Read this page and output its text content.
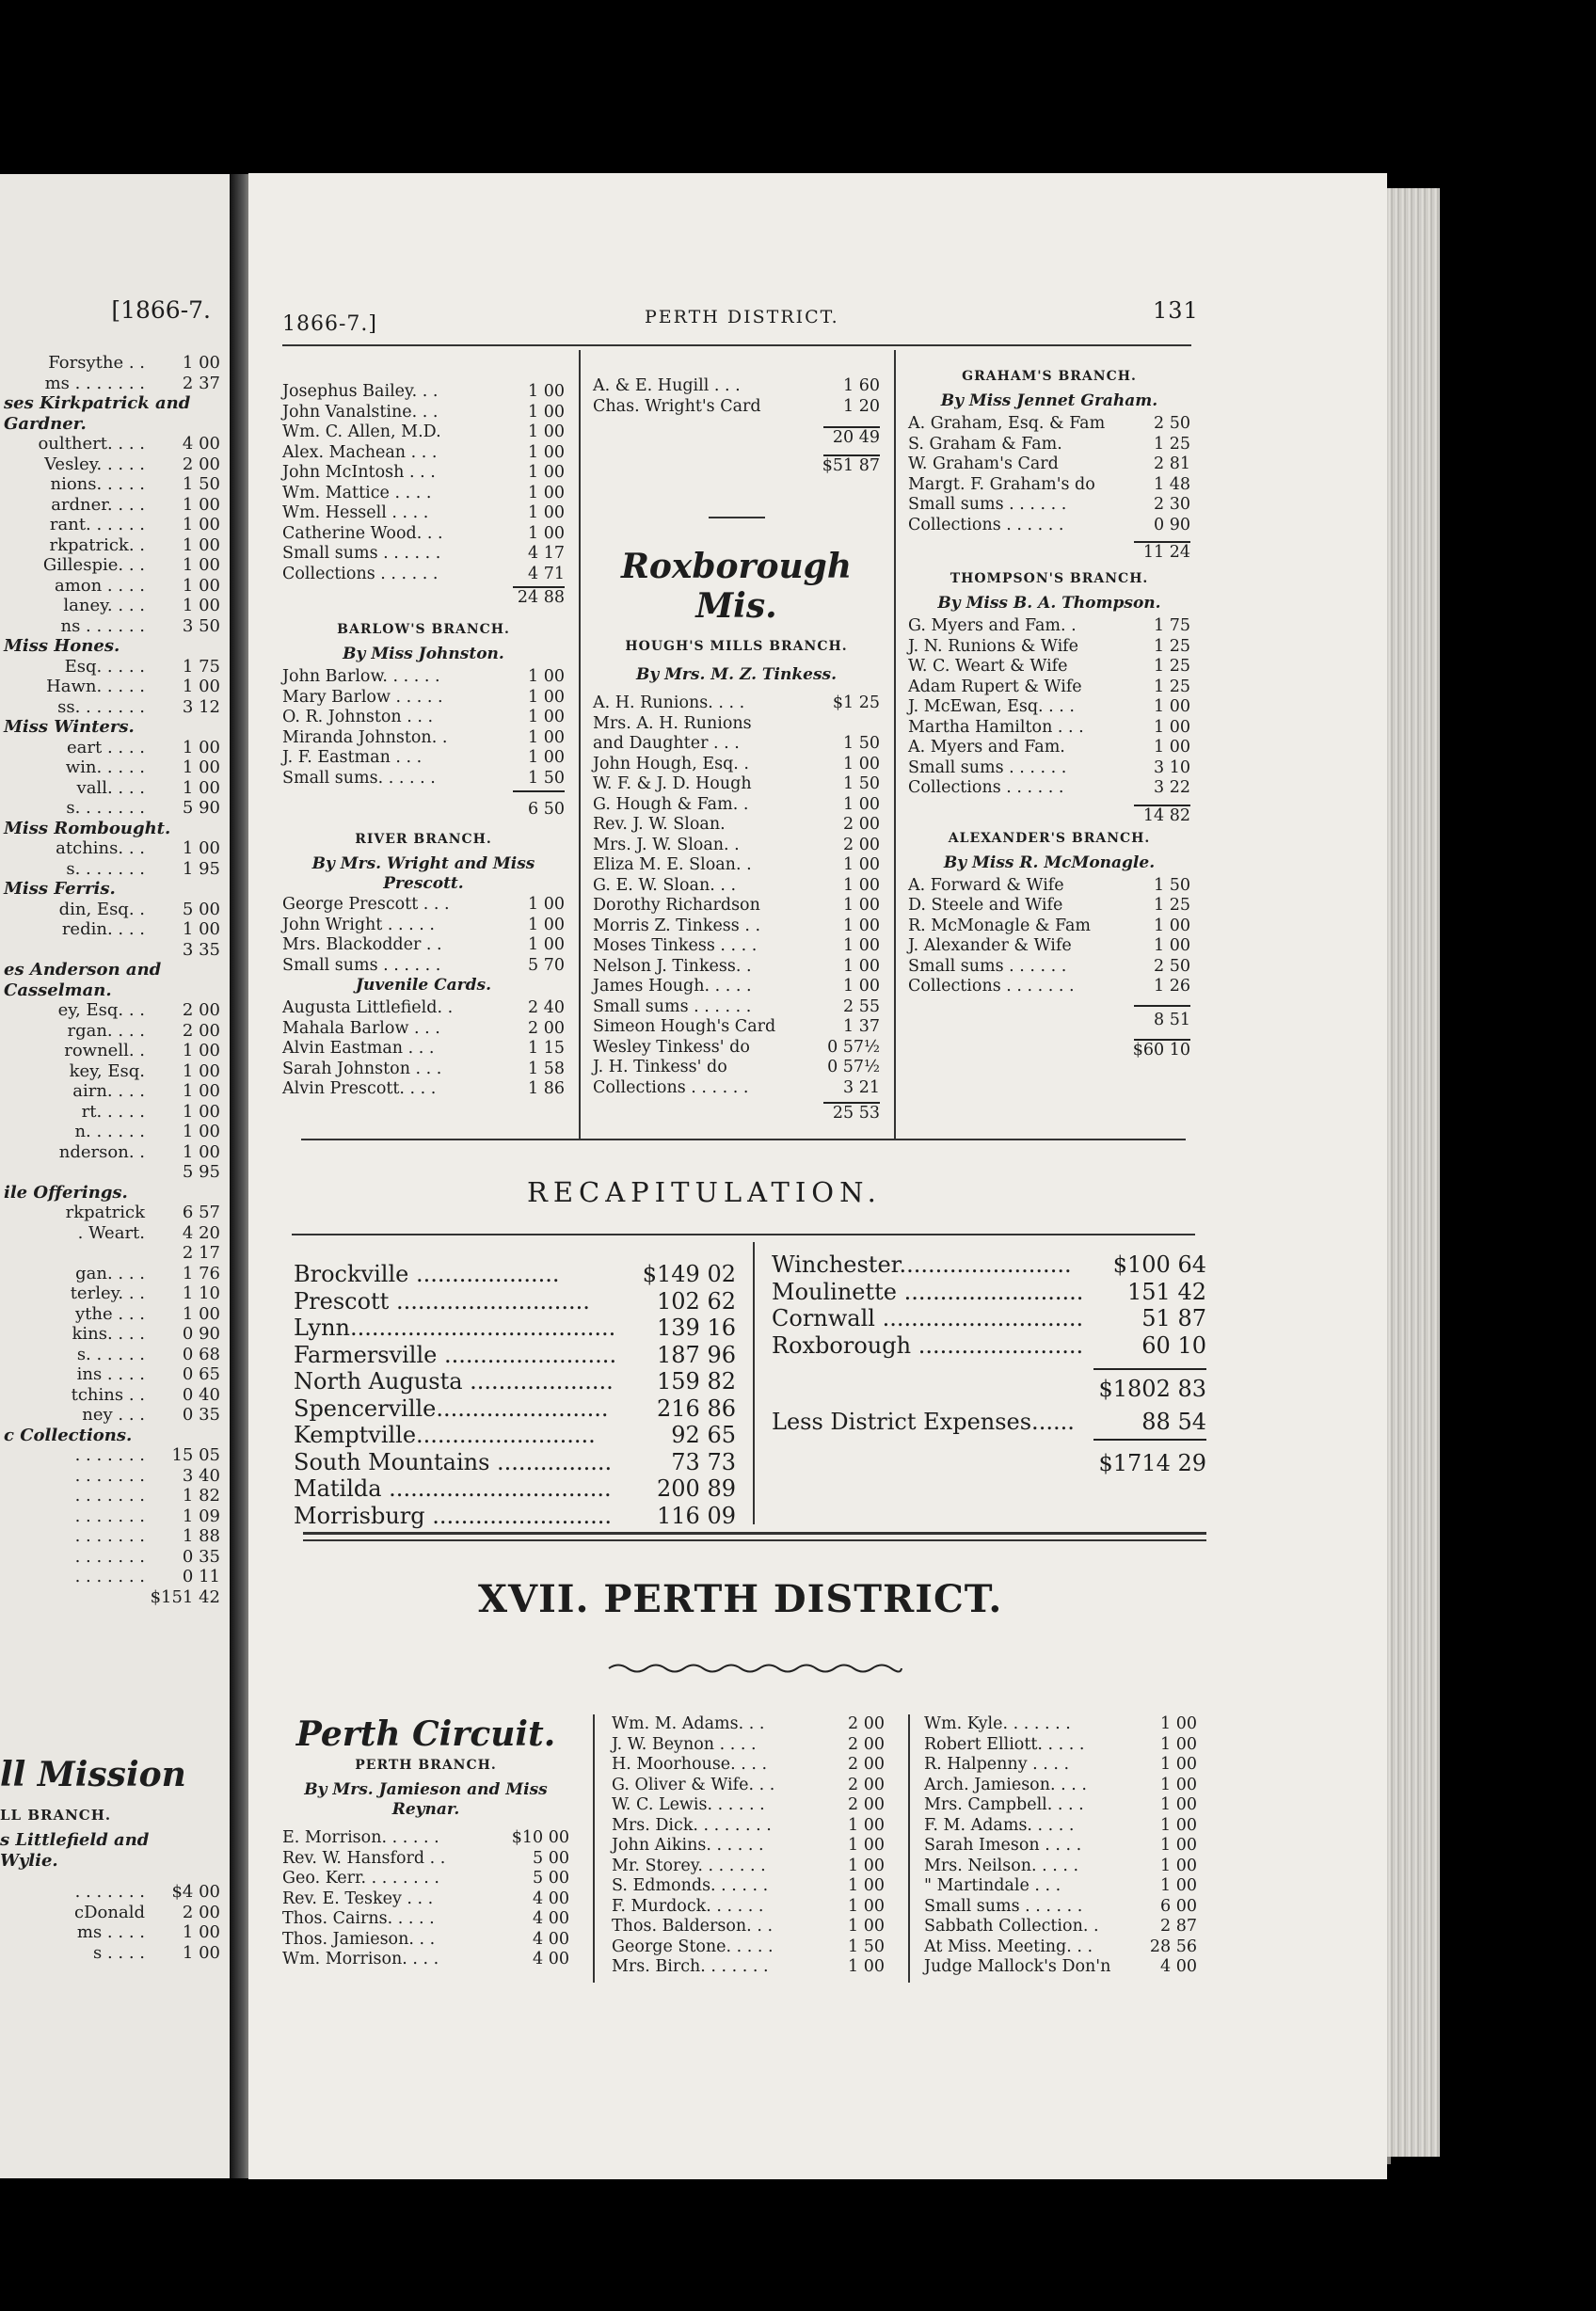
[1866-7.
Forsythe . . 1 00
ms . . . . . . . 2 37
ses Kirkpatrick and
Gardner.
oulthert. . . . 4 00
Vesley. . . . . 2 00
nions. . . . . 1 50
ardner. . . . 1 00
rant. . . . . . 1 00
rkpatrick. . 1 00
Gillespie. . . 1 00
amon . . . . 1 00
laney. . . . 1 00
ns . . . . . . 3 50
Miss Hones.
Esq. . . . . 1 75
Hawn. . . . . 1 00
ss. . . . . . . 3 12
Miss Winters.
eart . . . . 1 00
win. . . . . 1 00
vall. . . . 1 00
s. . . . . . . 5 90
Miss Rombought.
atchins. . . 1 00
s. . . . . . . 1 95
Miss Ferris.
din, Esq. . 5 00
redin. . . . 1 00
3 35
es Anderson and
Casselman.
ey, Esq. . . 2 00
rgan. . . . 2 00
rownell. . 1 00
key, Esq. 1 00
airn. . . . 1 00
rt. . . . . 1 00
n. . . . . . 1 00
nderson. . 1 00
5 95
ile Offerings.
rkpatrick 6 57
. Weart. 4 20
2 17
gan. . . . 1 76
terley. . . 1 10
ythe . . . 1 00
kins. . . . 0 90
s. . . . . . 0 68
ins . . . . 0 65
tchins . . 0 40
ney . . . 0 35
c Collections.
. . . . . . . 15 05
. . . . . . . 3 40
. . . . . . . 1 82
. . . . . . . 1 09
. . . . . . . 1 88
. . . . . . . 0 35
. . . . . . . 0 11
$151 42
ll Mission
LL BRANCH.
s Littlefield and
Wylie.
. . . . . . . $4 00
cDonald 2 00
ms . . . . 1 00
s . . . . 1 00
1866-7.]	PERTH DISTRICT.	131
Josephus Bailey. . .	1 00
John Vanalstine. . .	1 00
Wm. C. Allen, M.D.	1 00
Alex. Machean . . .	1 00
John McIntosh . . .	1 00
Wm. Mattice . . . .	1 00
Wm. Hessell . . . .	1 00
Catherine Wood. . .	1 00
Small sums . . . . . .	4 17
Collections . . . . . .	4 71
24 88
BARLOW'S BRANCH.
By Miss Johnston.
John Barlow. . . . . .	1 00
Mary Barlow . . . . .	1 00
O. R. Johnston . . .	1 00
Miranda Johnston. .	1 00
J. F. Eastman . . .	1 00
Small sums. . . . . .	1 50
6 50
RIVER BRANCH.
By Mrs. Wright and Miss
Prescott.
George Prescott . . .	1 00
John Wright . . . . .	1 00
Mrs. Blackodder . .	1 00
Small sums . . . . . .	5 70
Juvenile Cards.
Augusta Littlefield. .	2 40
Mahala Barlow . . .	2 00
Alvin Eastman . . .	1 15
Sarah Johnston . . .	1 58
Alvin Prescott. . . .	1 86
A. & E. Hugill . . .	1 60
Chas. Wright's Card	1 20
20 49
$51 87
Roxborough Mis.
HOUGH'S MILLS BRANCH.
By Mrs. M. Z. Tinkess.
A. H. Runions. . . .	$1 25
Mrs. A. H. Runions
and Daughter . . .	1 50
John Hough, Esq. .	1 00
W. F. & J. D. Hough	1 50
G. Hough & Fam. .	1 00
Rev. J. W. Sloan.	2 00
Mrs. J. W. Sloan. .	2 00
Eliza M. E. Sloan. .	1 00
G. E. W. Sloan. . .	1 00
Dorothy Richardson	1 00
Morris Z. Tinkess . .	1 00
Moses Tinkess . . . .	1 00
Nelson J. Tinkess. .	1 00
James Hough. . . . .	1 00
Small sums . . . . . .	2 55
Simeon Hough's Card	1 37
Wesley Tinkess' do	0 57½
J. H. Tinkess' do	0 57½
Collections . . . . . .	3 21
25 53
GRAHAM'S BRANCH.
By Miss Jennet Graham.
A. Graham, Esq. & Fam	2 50
S. Graham & Fam.	1 25
W. Graham's Card	2 81
Margt. F. Graham's do	1 48
Small sums . . . . . .	2 30
Collections . . . . . .	0 90
11 24
THOMPSON'S BRANCH.
By Miss B. A. Thompson.
G. Myers and Fam. .	1 75
J. N. Runions & Wife	1 25
W. C. Weart & Wife	1 25
Adam Rupert & Wife	1 25
J. McEwan, Esq. . . .	1 00
Martha Hamilton . . .	1 00
A. Myers and Fam.	1 00
Small sums . . . . . .	3 10
Collections . . . . . .	3 22
14 82
ALEXANDER'S BRANCH.
By Miss R. McMonagle.
A. Forward & Wife	1 50
D. Steele and Wife	1 25
R. McMonagle & Fam	1 00
J. Alexander & Wife	1 00
Small sums . . . . . .	2 50
Collections . . . . . . .	1 26
8 51
$60 10
RECAPITULATION.
Brockville ....................	$149 02
Prescott ...........................	102 62
Lynn..................................... 139 16
Farmersville ........................ 187 96
North Augusta .................... 159 82
Spencerville........................ 216 86
Kemptville.........................	92 65
South Mountains ................	73 73
Matilda ............................... 200 89
Morrisburg ......................... 116 09
Winchester........................ $100 64
Moulinette ......................... 151 42
Cornwall ............................	51 87
Roxborough .......................	60 10
$1802 83
Less District Expenses......	88 54
$1714 29
XVII. PERTH DISTRICT.
Perth Circuit.
PERTH BRANCH.
By Mrs. Jamieson and Miss
Reynar.
E. Morrison. . . . . .	$10 00
Rev. W. Hansford . .	5 00
Geo. Kerr. . . . . . . .	5 00
Rev. E. Teskey . . .	4 00
Thos. Cairns. . . . .	4 00
Thos. Jamieson. . .	4 00
Wm. Morrison. . . .	4 00
Wm. M. Adams. . .	2 00
J. W. Beynon . . . .	2 00
H. Moorhouse. . . .	2 00
G. Oliver & Wife. . .	2 00
W. C. Lewis. . . . . .	2 00
Mrs. Dick. . . . . . . .	1 00
John Aikins. . . . . .	1 00
Mr. Storey. . . . . . .	1 00
S. Edmonds. . . . . .	1 00
F. Murdock. . . . . .	1 00
Thos. Balderson. . .	1 00
George Stone. . . . .	1 50
Mrs. Birch. . . . . . .	1 00
Wm. Kyle. . . . . . .	1 00
Robert Elliott. . . . .	1 00
R. Halpenny . . . .	1 00
Arch. Jamieson. . . .	1 00
Mrs. Campbell. . . .	1 00
F. M. Adams. . . . .	1 00
Sarah Imeson . . . .	1 00
Mrs. Neilson. . . . .	1 00
" Martindale . . .	1 00
Small sums . . . . . .	6 00
Sabbath Collection. .	2 87
At Miss. Meeting. . .	28 56
Judge Mallock's Don'n	4 00
